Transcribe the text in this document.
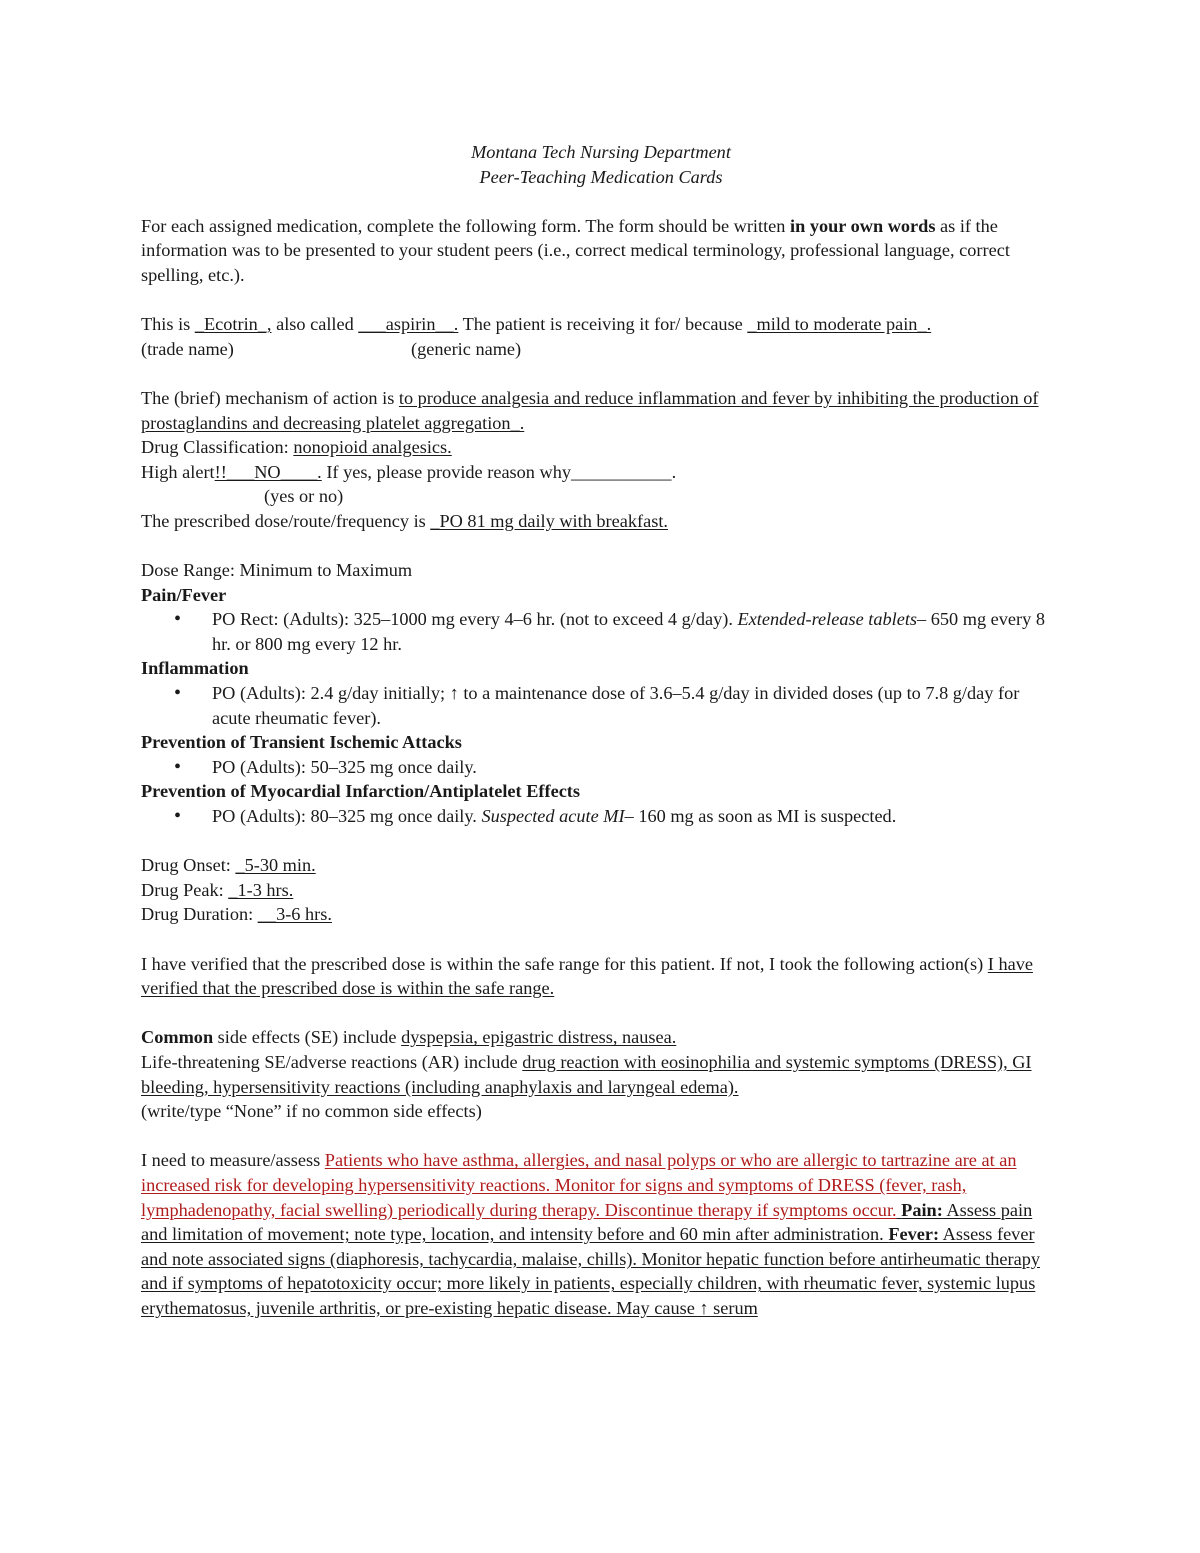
Montana Tech Nursing Department

Peer-Teaching Medication Cards

For each assigned medication, complete the following form. The form should be written in your own words as if the information was to be presented to your student peers (i.e., correct medical terminology, professional language, correct spelling, etc.).

This is _Ecotrin_, also called ___aspirin__. The patient is receiving it for/ because _mild to moderate pain_.

(trade name)	(generic name)

The (brief) mechanism of action is to produce analgesia and reduce inflammation and fever by inhibiting the production of prostaglandins and decreasing platelet aggregation_.

Drug Classification: nonopioid analgesics.

High alert!!___NO____. If yes, please provide reason why___________.

(yes or no)

The prescribed dose/route/frequency is _PO 81 mg daily with breakfast.

Dose Range: Minimum to Maximum

Pain/Fever

• PO Rect: (Adults): 325–1000 mg every 4–6 hr. (not to exceed 4 g/day). Extended-release tablets– 650 mg every 8 hr. or 800 mg every 12 hr.

Inflammation

• PO (Adults): 2.4 g/day initially; ↑ to a maintenance dose of 3.6–5.4 g/day in divided doses (up to 7.8 g/day for acute rheumatic fever).

Prevention of Transient Ischemic Attacks

• PO (Adults): 50–325 mg once daily.

Prevention of Myocardial Infarction/Antiplatelet Effects

• PO (Adults): 80–325 mg once daily. Suspected acute MI– 160 mg as soon as MI is suspected.

Drug Onset: _5-30 min.

Drug Peak: _1-3 hrs.

Drug Duration: __3-6 hrs.

I have verified that the prescribed dose is within the safe range for this patient. If not, I took the following action(s) I have verified that the prescribed dose is within the safe range.

Common side effects (SE) include dyspepsia, epigastric distress, nausea.

Life-threatening SE/adverse reactions (AR) include drug reaction with eosinophilia and systemic symptoms (DRESS), GI bleeding, hypersensitivity reactions (including anaphylaxis and laryngeal edema).

(write/type “None” if no common side effects)

I need to measure/assess Patients who have asthma, allergies, and nasal polyps or who are allergic to tartrazine are at an increased risk for developing hypersensitivity reactions. Monitor for signs and symptoms of DRESS (fever, rash, lymphadenopathy, facial swelling) periodically during therapy. Discontinue therapy if symptoms occur. Pain: Assess pain and limitation of movement; note type, location, and intensity before and 60 min after administration. Fever: Assess fever and note associated signs (diaphoresis, tachycardia, malaise, chills). Monitor hepatic function before antirheumatic therapy and if symptoms of hepatotoxicity occur; more likely in patients, especially children, with rheumatic fever, systemic lupus erythematosus, juvenile arthritis, or pre-existing hepatic disease. May cause ↑ serum
